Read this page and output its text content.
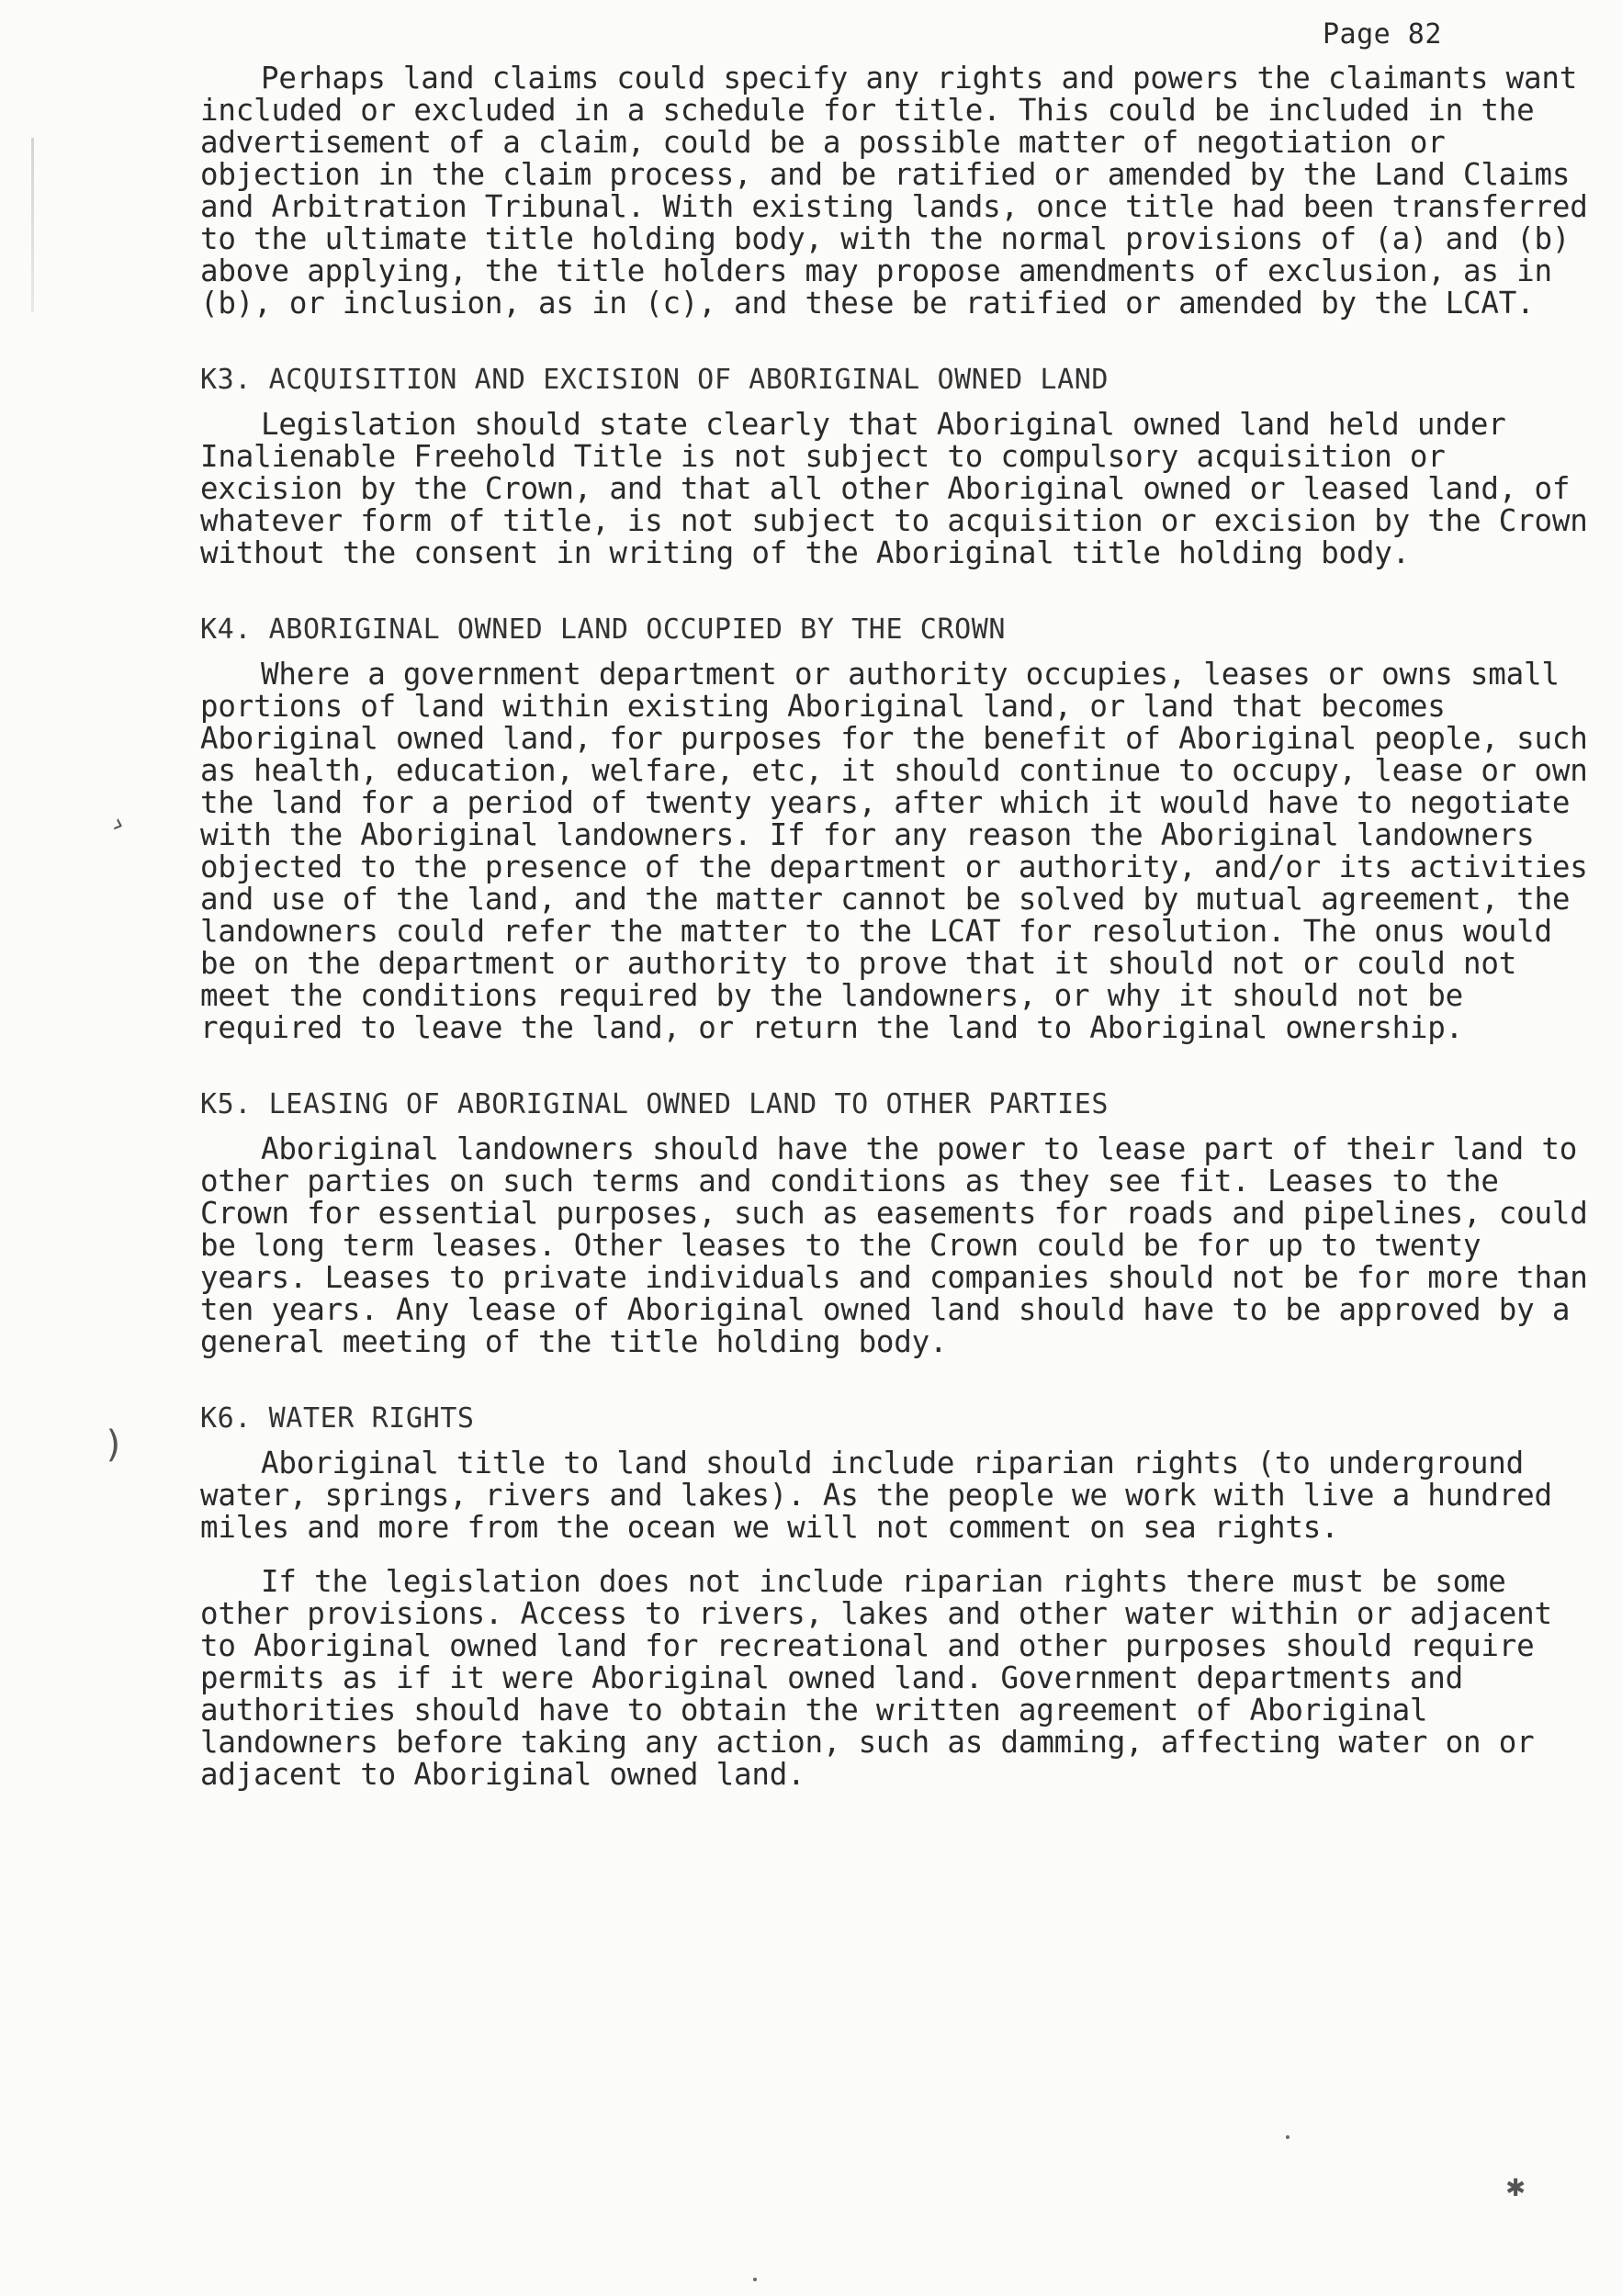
Page 82
›
)
✱

Perhaps land claims could specify any rights and powers the claimants want included or excluded in a schedule for title. This could be included in the advertisement of a claim, could be a possible matter of negotiation or objection in the claim process, and be ratified or amended by the Land Claims and Arbitration Tribunal. With existing lands, once title had been transferred to the ultimate title holding body, with the normal provisions of (a) and (b) above applying, the title holders may propose amendments of exclusion, as in (b), or inclusion, as in (c), and these be ratified or amended by the LCAT.

K3. ACQUISITION AND EXCISION OF ABORIGINAL OWNED LAND

Legislation should state clearly that Aboriginal owned land held under Inalienable Freehold Title is not subject to compulsory acquisition or excision by the Crown, and that all other Aboriginal owned or leased land, of whatever form of title, is not subject to acquisition or excision by the Crown without the consent in writing of the Aboriginal title holding body.

K4. ABORIGINAL OWNED LAND OCCUPIED BY THE CROWN

Where a government department or authority occupies, leases or owns small portions of land within existing Aboriginal land, or land that becomes Aboriginal owned land, for purposes for the benefit of Aboriginal people, such as health, education, welfare, etc, it should continue to occupy, lease or own the land for a period of twenty years, after which it would have to negotiate with the Aboriginal landowners. If for any reason the Aboriginal landowners objected to the presence of the department or authority, and/or its activities and use of the land, and the matter cannot be solved by mutual agreement, the landowners could refer the matter to the LCAT for resolution. The onus would be on the department or authority to prove that it should not or could not meet the conditions required by the landowners, or why it should not be required to leave the land, or return the land to Aboriginal ownership.

K5. LEASING OF ABORIGINAL OWNED LAND TO OTHER PARTIES

Aboriginal landowners should have the power to lease part of their land to other parties on such terms and conditions as they see fit. Leases to the Crown for essential purposes, such as easements for roads and pipelines, could be long term leases. Other leases to the Crown could be for up to twenty years. Leases to private individuals and companies should not be for more than ten years. Any lease of Aboriginal owned land should have to be approved by a general meeting of the title holding body.

K6. WATER RIGHTS

Aboriginal title to land should include riparian rights (to underground water, springs, rivers and lakes). As the people we work with live a hundred miles and more from the ocean we will not comment on sea rights.

If the legislation does not include riparian rights there must be some other provisions. Access to rivers, lakes and other water within or adjacent to Aboriginal owned land for recreational and other purposes should require permits as if it were Aboriginal owned land. Government departments and authorities should have to obtain the written agreement of Aboriginal landowners before taking any action, such as damming, affecting water on or adjacent to Aboriginal owned land.
